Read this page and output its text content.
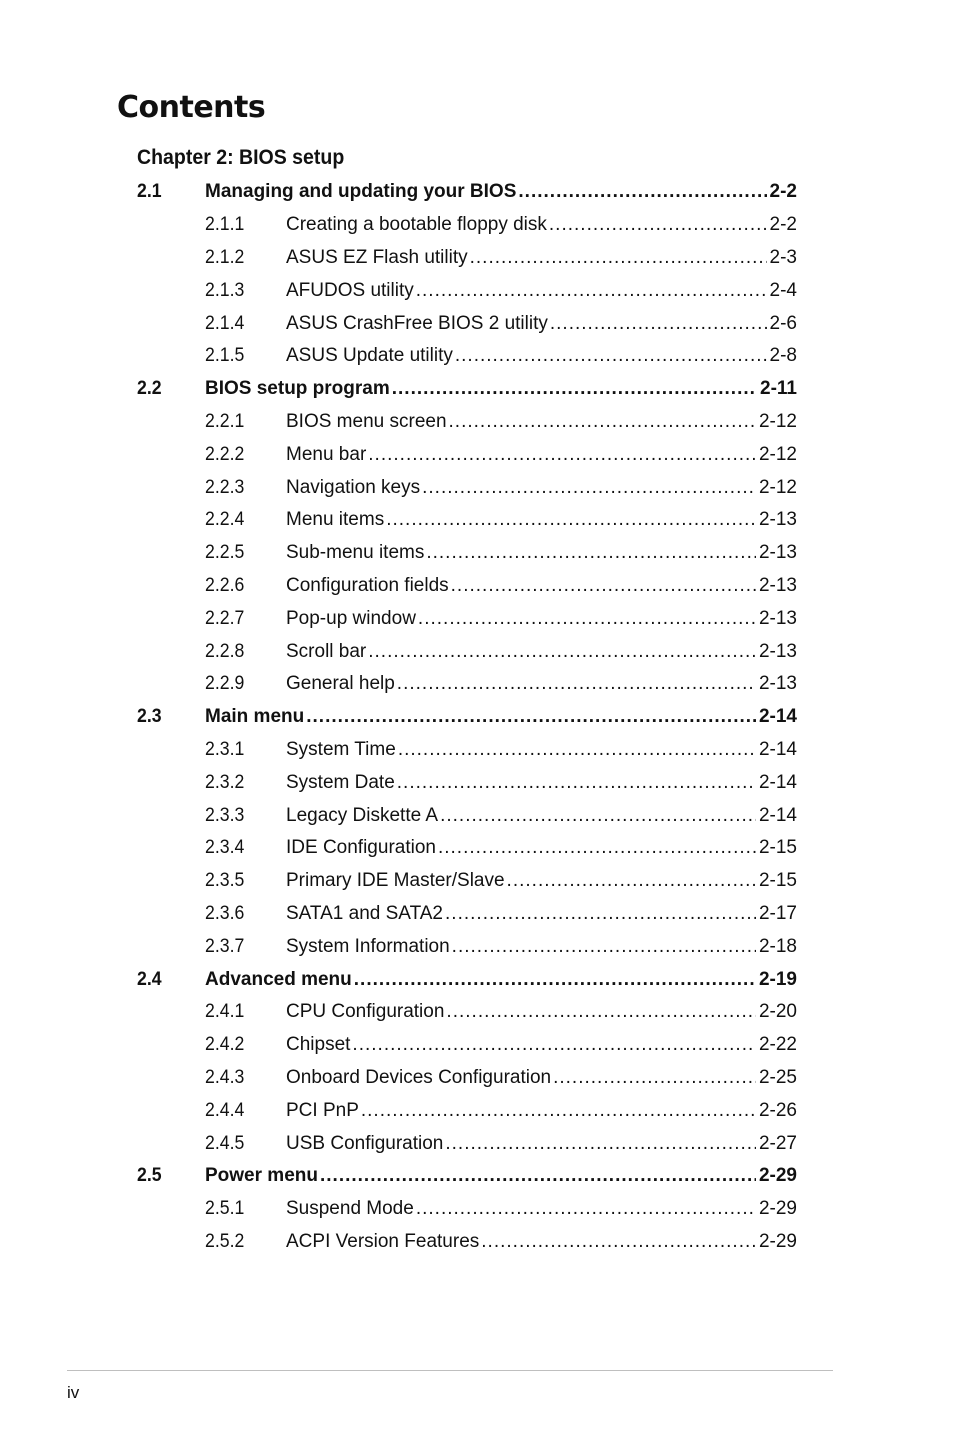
Contents
Chapter 2: BIOS setup
2.1 Managing and updating your BIOS .....	2-2
2.1.1 Creating a bootable floppy disk .....	2-2
2.1.2 ASUS EZ Flash utility .....	2-3
2.1.3 AFUDOS utility .....	2-4
2.1.4 ASUS CrashFree BIOS 2 utility .....	2-6
2.1.5 ASUS Update utility .....	2-8
2.2 BIOS setup program .....	2-11
2.2.1 BIOS menu screen .....	2-12
2.2.2 Menu bar .....	2-12
2.2.3 Navigation keys .....	2-12
2.2.4 Menu items .....	2-13
2.2.5 Sub-menu items .....	2-13
2.2.6 Configuration fields .....	2-13
2.2.7 Pop-up window .....	2-13
2.2.8 Scroll bar .....	2-13
2.2.9 General help .....	2-13
2.3 Main menu .....	2-14
2.3.1 System Time .....	2-14
2.3.2 System Date .....	2-14
2.3.3 Legacy Diskette A .....	2-14
2.3.4 IDE Configuration .....	2-15
2.3.5 Primary IDE Master/Slave .....	2-15
2.3.6 SATA1 and SATA2 .....	2-17
2.3.7 System Information .....	2-18
2.4 Advanced menu .....	2-19
2.4.1 CPU Configuration .....	2-20
2.4.2 Chipset .....	2-22
2.4.3 Onboard Devices Configuration .....	2-25
2.4.4 PCI PnP .....	2-26
2.4.5 USB Configuration .....	2-27
2.5 Power menu .....	2-29
2.5.1 Suspend Mode .....	2-29
2.5.2 ACPI Version Features .....	2-29
iv
